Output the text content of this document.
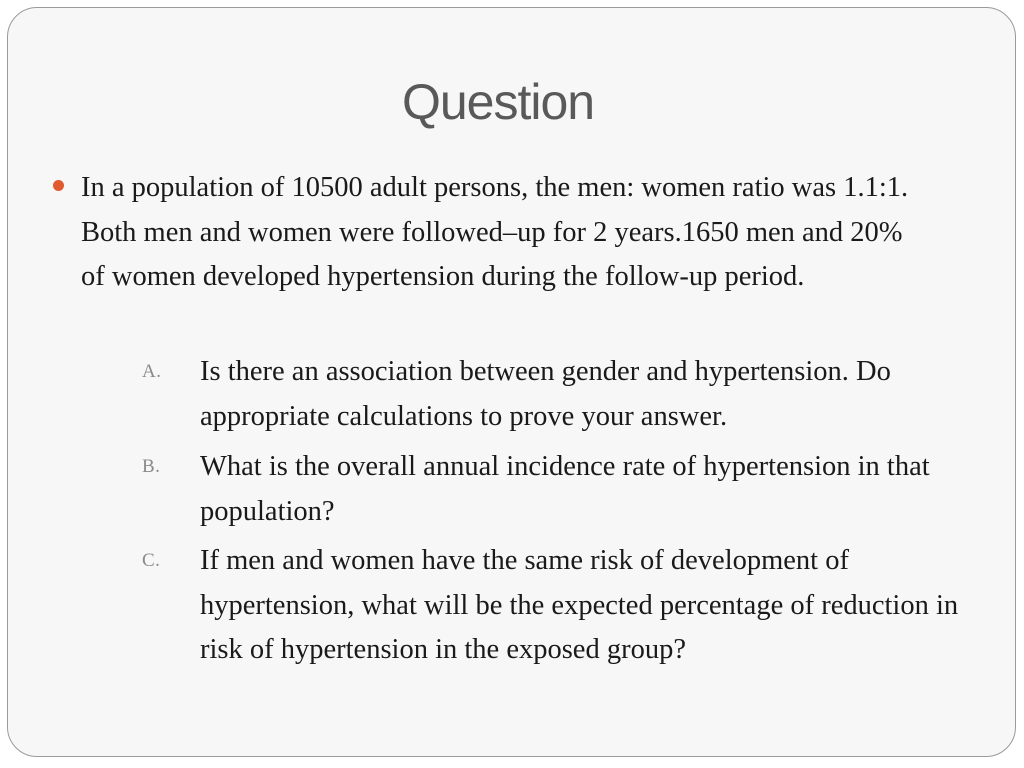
Question
In a population of 10500 adult persons, the men: women ratio was 1.1:1. Both men and women were followed–up for 2 years.1650 men and 20% of women developed hypertension during the follow-up period.
A. Is there an association between gender and hypertension. Do appropriate calculations to prove your answer.
B. What is the overall annual incidence rate of hypertension in that population?
C. If men and women have the same risk of development of hypertension, what will be the expected percentage of reduction in risk of hypertension in the exposed group?
